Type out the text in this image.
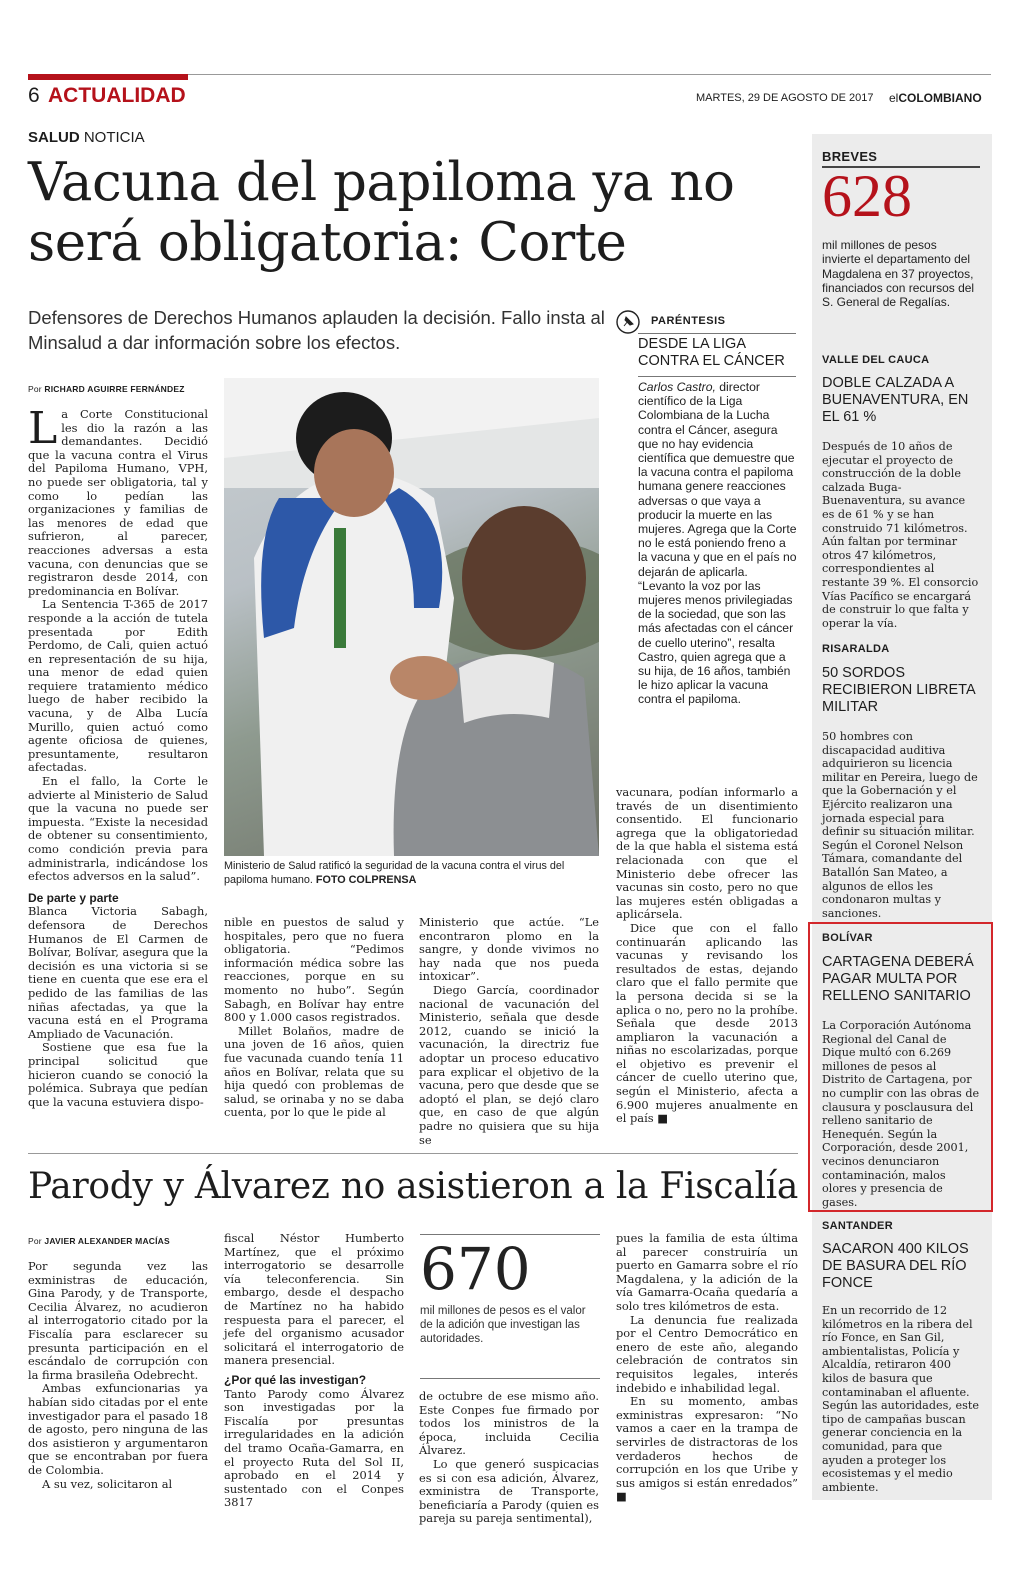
6 ACTUALIDAD	MARTES, 29 DE AGOSTO DE 2017 elCOLOMBIANO
SALUD NOTICIA
Vacuna del papiloma ya no será obligatoria: Corte
Defensores de Derechos Humanos aplauden la decisión. Fallo insta al Minsalud a dar información sobre los efectos.
Por RICHARD AGUIRRE FERNÁNDEZ

La Corte Constitucional les dio la razón a las demandantes. Decidió que la vacuna contra el Virus del Papiloma Humano, VPH, no puede ser obligatoria, tal y como lo pedían las organizaciones y familias de las menores de edad que sufrieron, al parecer, reacciones adversas a esta vacuna, con denuncias que se registraron desde 2014, con predominancia en Bolívar.

La Sentencia T-365 de 2017 responde a la acción de tutela presentada por Edith Perdomo, de Cali, quien actuó en representación de su hija, una menor de edad quien requiere tratamiento médico luego de haber recibido la vacuna, y de Alba Lucía Murillo, quien actuó como agente oficiosa de quienes, presuntamente, resultaron afectadas.

En el fallo, la Corte le advierte al Ministerio de Salud que la vacuna no puede ser impuesta. “Existe la necesidad de obtener su consentimiento, como condición previa para administrarla, indicándose los efectos adversos en la salud”.

De parte y parte

Blanca Victoria Sabagh, defensora de Derechos Humanos de El Carmen de Bolívar, Bolívar, asegura que la decisión es una victoria si se tiene en cuenta que ese era el pedido de las familias de las niñas afectadas, ya que la vacuna está en el Programa Ampliado de Vacunación.

Sostiene que esa fue la principal solicitud que hicieron cuando se conoció la polémica. Subraya que pedían que la vacuna estuviera dispo-

Ministerio de Salud ratificó la seguridad de la vacuna contra el virus del papiloma humano. FOTO COLPRENSA

nible en puestos de salud y hospitales, pero que no fuera obligatoria. “Pedimos información médica sobre las reacciones, porque en su momento no hubo”. Según Sabagh, en Bolívar hay entre 800 y 1.000 casos registrados.

Millet Bolaños, madre de una joven de 16 años, quien fue vacunada cuando tenía 11 años en Bolívar, relata que su hija quedó con problemas de salud, se orinaba y no se daba cuenta, por lo que le pide al

Ministerio que actúe. “Le encontraron plomo en la sangre, y donde vivimos no hay nada que nos pueda intoxicar”.

Diego García, coordinador nacional de vacunación del Ministerio, señala que desde 2012, cuando se inició la vacunación, la directriz fue adoptar un proceso educativo para explicar el objetivo de la vacuna, pero que desde que se adoptó el plan, se dejó claro que, en caso de que algún padre no quisiera que su hija se

PARÉNTESIS
DESDE LA LIGA CONTRA EL CÁNCER
Carlos Castro, director científico de la Liga Colombiana de la Lucha contra el Cáncer, asegura que no hay evidencia científica que demuestre que la vacuna contra el papiloma humana genere reacciones adversas o que vaya a producir la muerte en las mujeres. Agrega que la Corte no le está poniendo freno a la vacuna y que en el país no dejarán de aplicarla. “Levanto la voz por las mujeres menos privilegiadas de la sociedad, que son las más afectadas con el cáncer de cuello uterino”, resalta Castro, quien agrega que a su hija, de 16 años, también le hizo aplicar la vacuna contra el papiloma.

vacunara, podían informarlo a través de un disentimiento consentido. El funcionario agrega que la obligatoriedad de la que habla el sistema está relacionada con que el Ministerio debe ofrecer las vacunas sin costo, pero no que las mujeres estén obligadas a aplicársela.

Dice que con el fallo continuarán aplicando las vacunas y revisando los resultados de estas, dejando claro que el fallo permite que la persona decida si se la aplica o no, pero no la prohíbe. Señala que desde 2013 ampliaron la vacunación a niñas no escolarizadas, porque el objetivo es prevenir el cáncer de cuello uterino que, según el Ministerio, afecta a 6.900 mujeres anualmente en el país ■

BREVES
628
mil millones de pesos invierte el departamento del Magdalena en 37 proyectos, financiados con recursos del S. General de Regalías.
VALLE DEL CAUCA
DOBLE CALZADA A BUENAVENTURA, EN EL 61 %
Después de 10 años de ejecutar el proyecto de construcción de la doble calzada Buga-Buenaventura, su avance es de 61 % y se han construido 71 kilómetros. Aún faltan por terminar otros 47 kilómetros, correspondientes al restante 39 %. El consorcio Vías Pacífico se encargará de construir lo que falta y operar la vía.
RISARALDA
50 SORDOS RECIBIERON LIBRETA MILITAR
50 hombres con discapacidad auditiva adquirieron su licencia militar en Pereira, luego de que la Gobernación y el Ejército realizaron una jornada especial para definir su situación militar. Según el Coronel Nelson Támara, comandante del Batallón San Mateo, a algunos de ellos les condonaron multas y sanciones.
BOLÍVAR
CARTAGENA DEBERÁ PAGAR MULTA POR RELLENO SANITARIO
La Corporación Autónoma Regional del Canal de Dique multó con 6.269 millones de pesos al Distrito de Cartagena, por no cumplir con las obras de clausura y posclausura del relleno sanitario de Henequén. Según la Corporación, desde 2001, vecinos denunciaron contaminación, malos olores y presencia de gases.
SANTANDER
SACARON 400 KILOS DE BASURA DEL RÍO FONCE
En un recorrido de 12 kilómetros en la ribera del río Fonce, en San Gil, ambientalistas, Policía y Alcaldía, retiraron 400 kilos de basura que contaminaban el afluente. Según las autoridades, este tipo de campañas buscan generar conciencia en la comunidad, para que ayuden a proteger los ecosistemas y el medio ambiente.
Parody y Álvarez no asistieron a la Fiscalía
Por JAVIER ALEXANDER MACÍAS

Por segunda vez las exministras de educación, Gina Parody, y de Transporte, Cecilia Álvarez, no acudieron al interrogatorio citado por la Fiscalía para esclarecer su presunta participación en el escándalo de corrupción con la firma brasileña Odebrecht.

Ambas exfuncionarias ya habían sido citadas por el ente investigador para el pasado 18 de agosto, pero ninguna de las dos asistieron y argumentaron que se encontraban por fuera de Colombia.

A su vez, solicitaron al

fiscal Néstor Humberto Martínez, que el próximo interrogatorio se desarrolle vía teleconferencia. Sin embargo, desde el despacho de Martínez no ha habido respuesta para el parecer, el jefe del organismo acusador solicitará el interrogatorio de manera presencial.

¿Por qué las investigan?

Tanto Parody como Álvarez son investigadas por la Fiscalía por presuntas irregularidades en la adición del tramo Ocaña-Gamarra, en el proyecto Ruta del Sol II, aprobado en el 2014 y sustentado con el Conpes 3817

670
mil millones de pesos es el valor de la adición que investigan las autoridades.

de octubre de ese mismo año. Este Conpes fue firmado por todos los ministros de la época, incluida Cecilia Álvarez.

Lo que generó suspicacias es si con esa adición, Álvarez, exministra de Transporte, beneficiaría a Parody (quien es pareja su pareja sentimental),

pues la familia de esta última al parecer construiría un puerto en Gamarra sobre el río Magdalena, y la adición de la vía Gamarra-Ocaña quedaría a solo tres kilómetros de esta.

La denuncia fue realizada por el Centro Democrático en enero de este año, alegando celebración de contratos sin requisitos legales, interés indebido e inhabilidad legal.

En su momento, ambas exministras expresaron: “No vamos a caer en la trampa de servirles de distractoras de los verdaderos hechos de corrupción en los que Uribe y sus amigos si están enredados” ■
